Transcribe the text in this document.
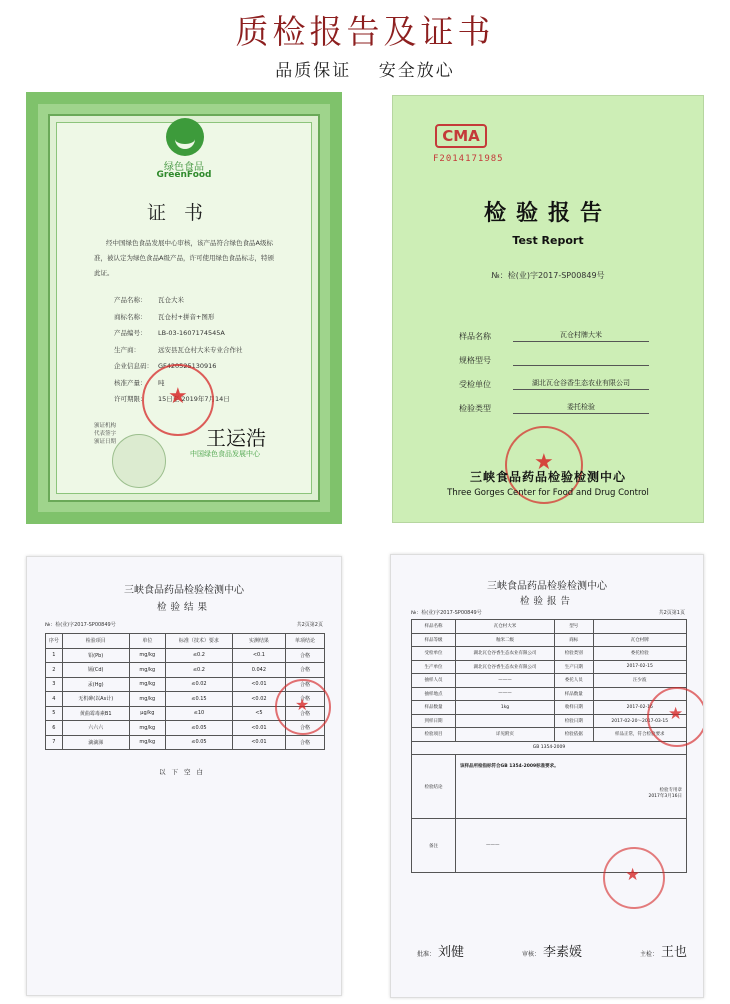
质检报告及证书
品质保证 安全放心
绿色食品
GreenFood
证书
经中国绿色食品发展中心审核，该产品符合绿色食品A级标准，被认定为绿色食品A级产品，许可使用绿色食品标志，特颁此证。
产品名称： 瓦仓大米
商标名称： 瓦仓村+拼音+图形
产品编号： LB-03-1607174545A
生产商：	远安县瓦仓村大米专业合作社
企业信息码： GF420525130916
核准产量： 吨
许可期限： 15日至 2019年7月14日
★
颁证机构
代表签字
颁证日期	王运浩
中国绿色食品发展中心
CMA
F2014171985
检验报告
Test Report
№：检(业)字2017-SP00849号
样品名称	瓦仓村牌大米
规格型号
受检单位	湖北瓦仓谷香生态农业有限公司
检验类型	委托检验
★
三峡食品药品检验检测中心
Three Gorges Center for Food and Drug Control
三峡食品药品检验检测中心
检验结果
№：检(业)字2017-SP00849号	共2页第2页
序号	检验项目	单位	标准（技术）要求	实测结果	单项结论
1	铅(Pb)	mg/kg	≤0.2	<0.1	合格
2	镉(Cd)	mg/kg	≤0.2	0.042	合格
3	汞(Hg)	mg/kg	≤0.02	<0.01	合格
4	无机砷(以As计)	mg/kg	≤0.15	<0.02	合格
5	黄曲霉毒素B1	μg/kg	≤10	<5	合格
6	六六六	mg/kg	≤0.05	<0.01	合格
7	滴滴涕	mg/kg	≤0.05	<0.01	合格
★
以下空白
三峡食品药品检验检测中心
检验报告
№：检(业)字2017-SP00849号	共2页第1页
样品名称	瓦仓村大米	型号	
样品等级	籼米二级	商标	瓦仓村牌
受检单位	湖北瓦仓谷香生态农业有限公司	检验类别	委托检验
生产单位	湖北瓦仓谷香生态农业有限公司	生产日期	2017-02-15
抽样人员	———	委托人员	汪少波
抽样地点	———	样品数量	
样品数量	1kg	收样日期	2017-02-16
到样日期		检验日期	2017-02-20～2017-03-15
检验项目	详见附页	检验依据	样品正常，符合检验要求
GB 1354-2009			
检验结论	该样品所检指标符合GB 1354-2009标准要求。
检验专用章
2017年3月16日		

备注	———		
★
★
批准： 刘健	审核： 李素媛	主检： 王也
